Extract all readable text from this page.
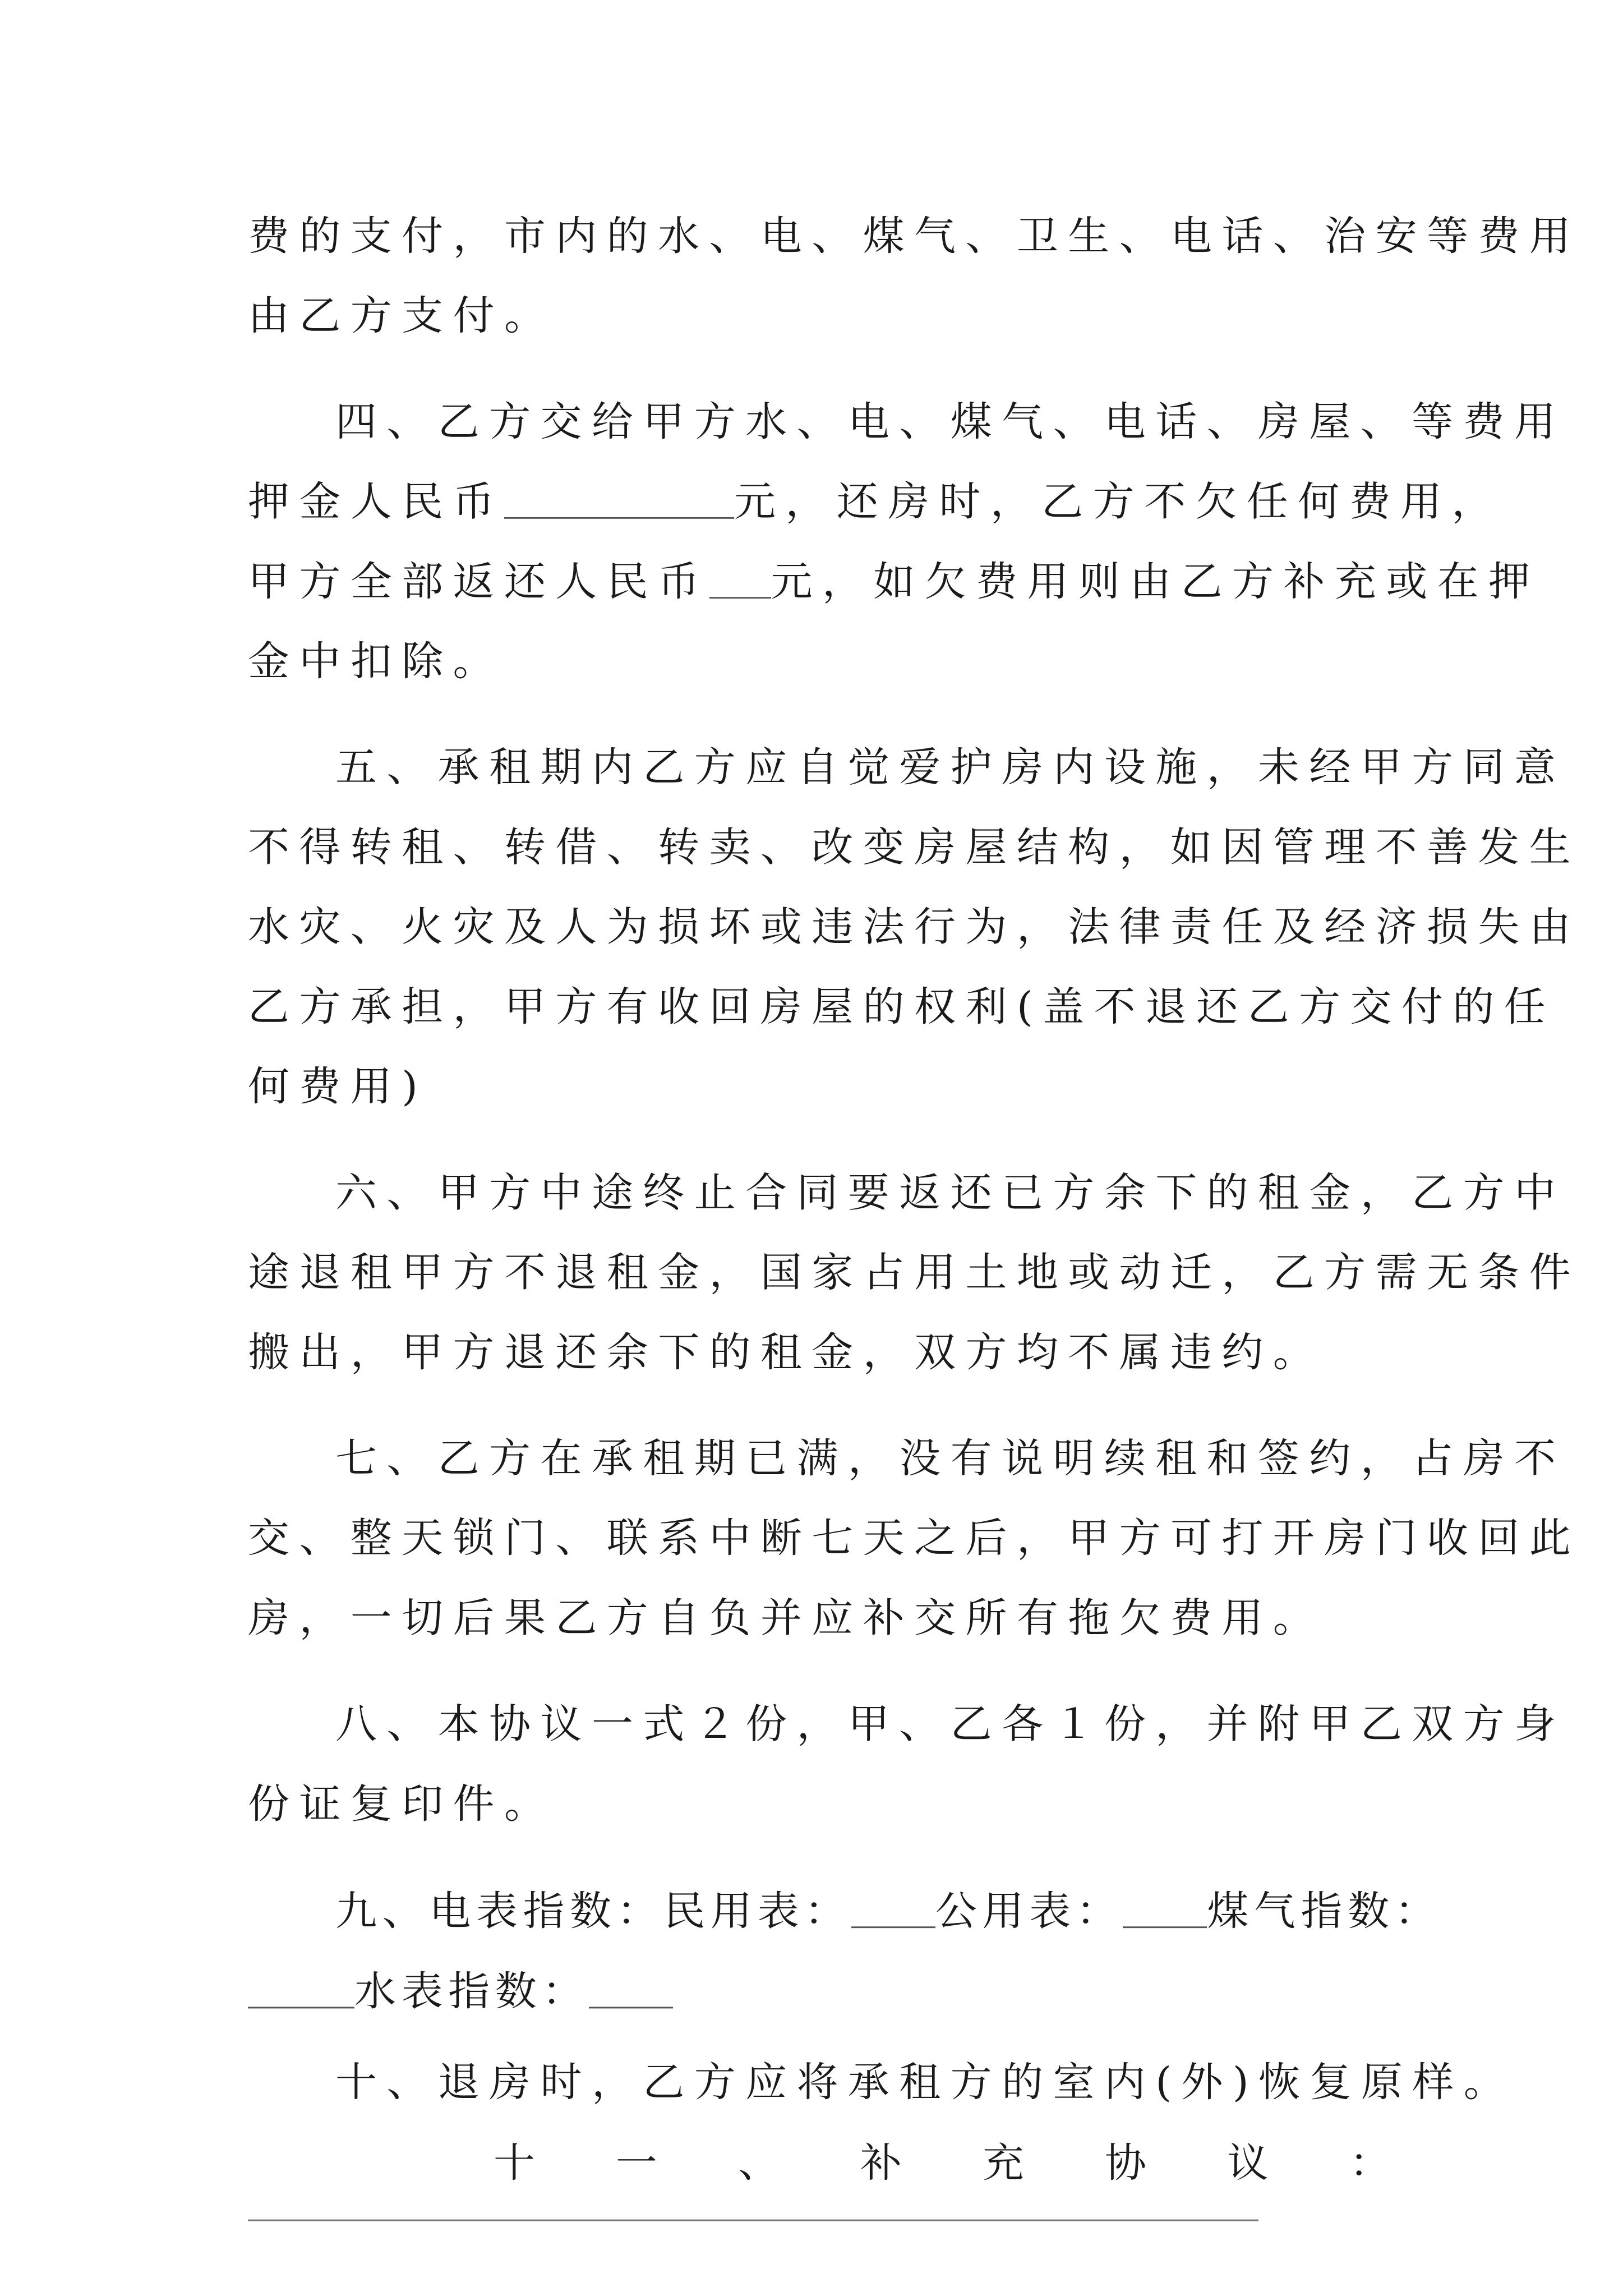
费的支付，市内的水、电、煤气、卫生、电话、治安等费用
由乙方支付。
四、乙方交给甲方水、电、煤气、电话、房屋、等费用
押金人民币	元，还房时，乙方不欠任何费用，
甲方全部返还人民币 元，如欠费用则由乙方补充或在押
金中扣除。
五、承租期内乙方应自觉爱护房内设施，未经甲方同意
不得转租、转借、转卖、改变房屋结构，如因管理不善发生
水灾、火灾及人为损坏或违法行为，法律责任及经济损失由
乙方承担，甲方有收回房屋的权利(盖不退还乙方交付的任
何费用)
六、甲方中途终止合同要返还已方余下的租金，乙方中
途退租甲方不退租金，国家占用土地或动迁，乙方需无条件
搬出，甲方退还余下的租金，双方均不属违约。
七、乙方在承租期已满，没有说明续租和签约，占房不
交、整天锁门、联系中断七天之后，甲方可打开房门收回此
房，一切后果乙方自负并应补交所有拖欠费用。
八、本协议一式２份，甲、乙各１份，并附甲乙双方身
份证复印件。
九、电表指数：民用表： 公用表： 煤气指数：
水表指数：
十、退房时，乙方应将承租方的室内(外)恢复原样。
十 一 、 补 充 协 议 ：
